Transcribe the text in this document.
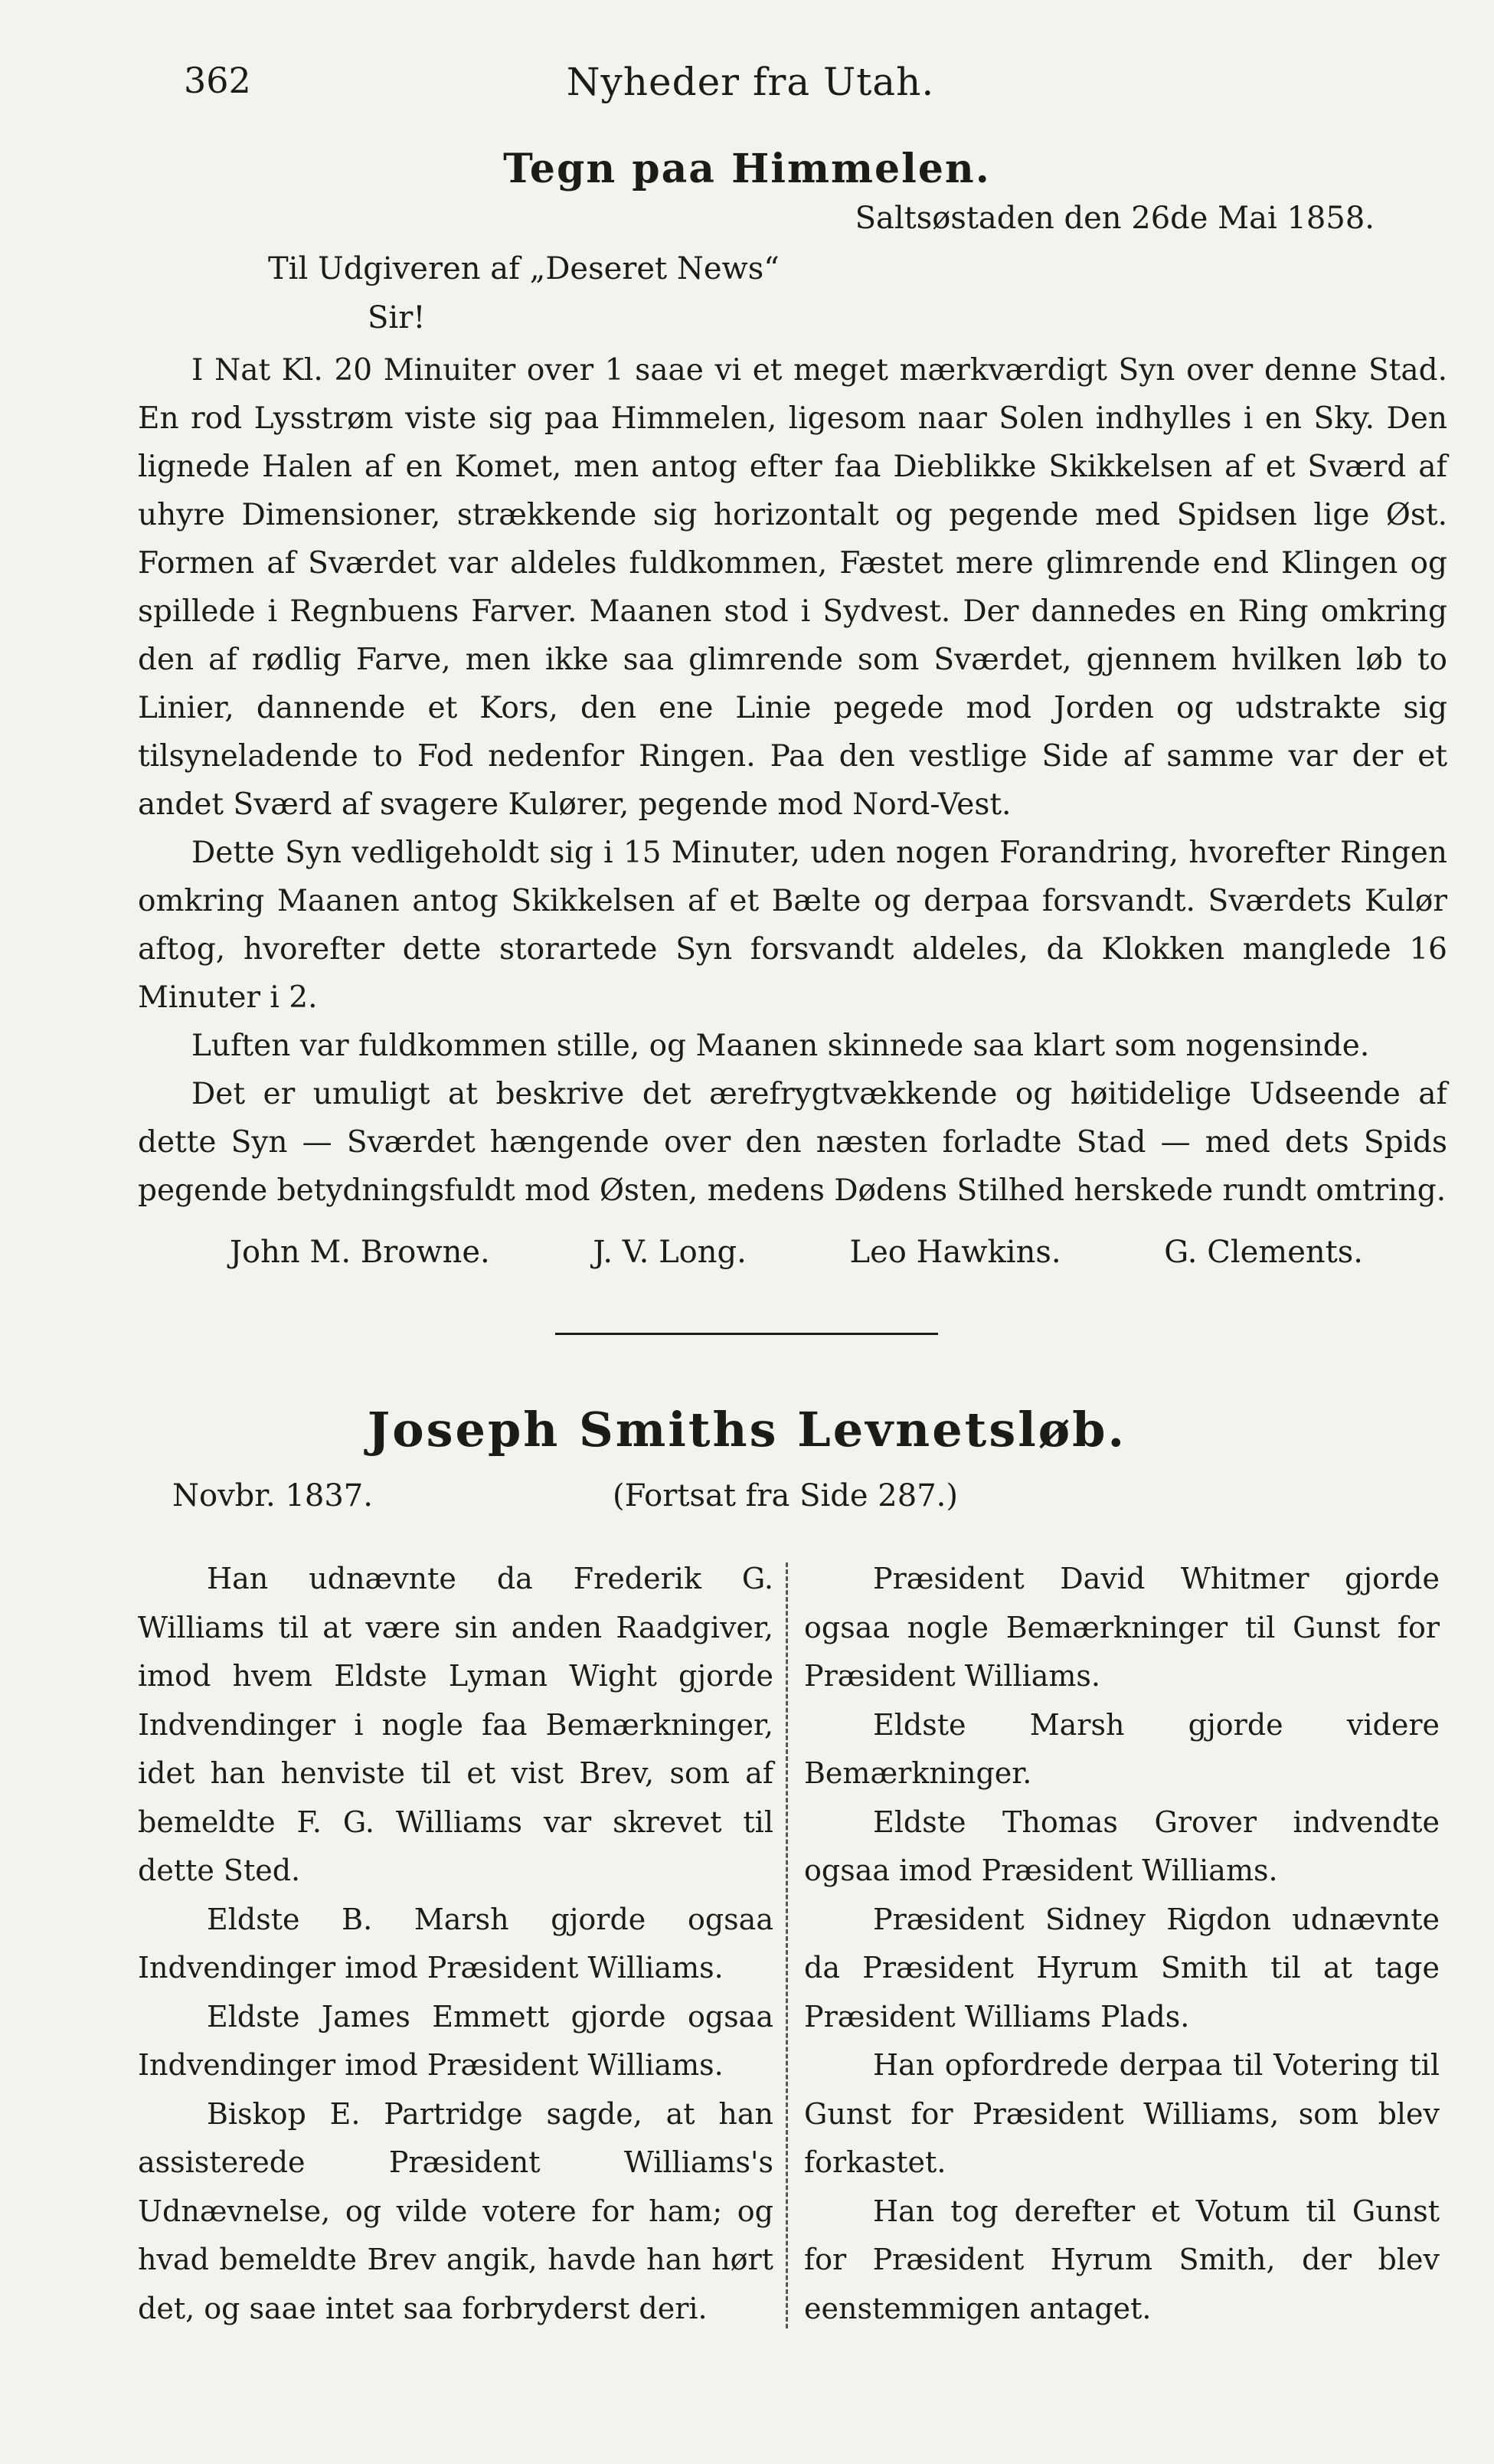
362	Nyheder fra Utah.
Tegn paa Himmelen.
Saltsøstaden den 26de Mai 1858.
Til Udgiveren af „Deseret News“
Sir!

I Nat Kl. 20 Minuiter over 1 saae vi et meget mærkværdigt Syn over denne Stad. En rod Lysstrøm viste sig paa Himmelen, ligesom naar Solen indhylles i en Sky. Den lignede Halen af en Komet, men antog efter faa Dieblikke Skikkelsen af et Sværd af uhyre Dimensioner, strækkende sig horizontalt og pegende med Spidsen lige Øst. Formen af Sværdet var aldeles fuldkommen, Fæstet mere glimrende end Klingen og spillede i Regnbuens Farver. Maanen stod i Sydvest. Der dannedes en Ring omkring den af rødlig Farve, men ikke saa glimrende som Sværdet, gjennem hvilken løb to Linier, dannende et Kors, den ene Linie pegede mod Jorden og udstrakte sig tilsyneladende to Fod nedenfor Ringen. Paa den vestlige Side af samme var der et andet Sværd af svagere Kulører, pegende mod Nord-Vest.

Dette Syn vedligeholdt sig i 15 Minuter, uden nogen Forandring, hvorefter Ringen omkring Maanen antog Skikkelsen af et Bælte og derpaa forsvandt. Sværdets Kulør aftog, hvorefter dette storartede Syn forsvandt aldeles, da Klokken manglede 16 Minuter i 2.

Luften var fuldkommen stille, og Maanen skinnede saa klart som nogensinde.

Det er umuligt at beskrive det ærefrygtvækkende og høitidelige Udseende af dette Syn — Sværdet hængende over den næsten forladte Stad — med dets Spids pegende betydningsfuldt mod Østen, medens Dødens Stilhed herskede rundt omtring.

John M. Browne.	J. V. Long.	Leo Hawkins.	G. Clements.
Joseph Smiths Levnetsløb.
Novbr. 1837.	(Fortsat fra Side 287.)

Han udnævnte da Frederik G. Williams til at være sin anden Raadgiver, imod hvem Eldste Lyman Wight gjorde Indvendinger i nogle faa Bemærkninger, idet han henviste til et vist Brev, som af bemeldte F. G. Williams var skrevet til dette Sted.

Eldste B. Marsh gjorde ogsaa Indvendinger imod Præsident Williams.

Eldste James Emmett gjorde ogsaa Indvendinger imod Præsident Williams.

Biskop E. Partridge sagde, at han assisterede Præsident Williams's Udnævnelse, og vilde votere for ham; og hvad bemeldte Brev angik, havde han hørt det, og saae intet saa forbryderst deri.

Præsident David Whitmer gjorde ogsaa nogle Bemærkninger til Gunst for Præsident Williams.

Eldste Marsh gjorde videre Bemærkninger.

Eldste Thomas Grover indvendte ogsaa imod Præsident Williams.

Præsident Sidney Rigdon udnævnte da Præsident Hyrum Smith til at tage Præsident Williams Plads.

Han opfordrede derpaa til Votering til Gunst for Præsident Williams, som blev forkastet.

Han tog derefter et Votum til Gunst for Præsident Hyrum Smith, der blev eenstemmigen antaget.
